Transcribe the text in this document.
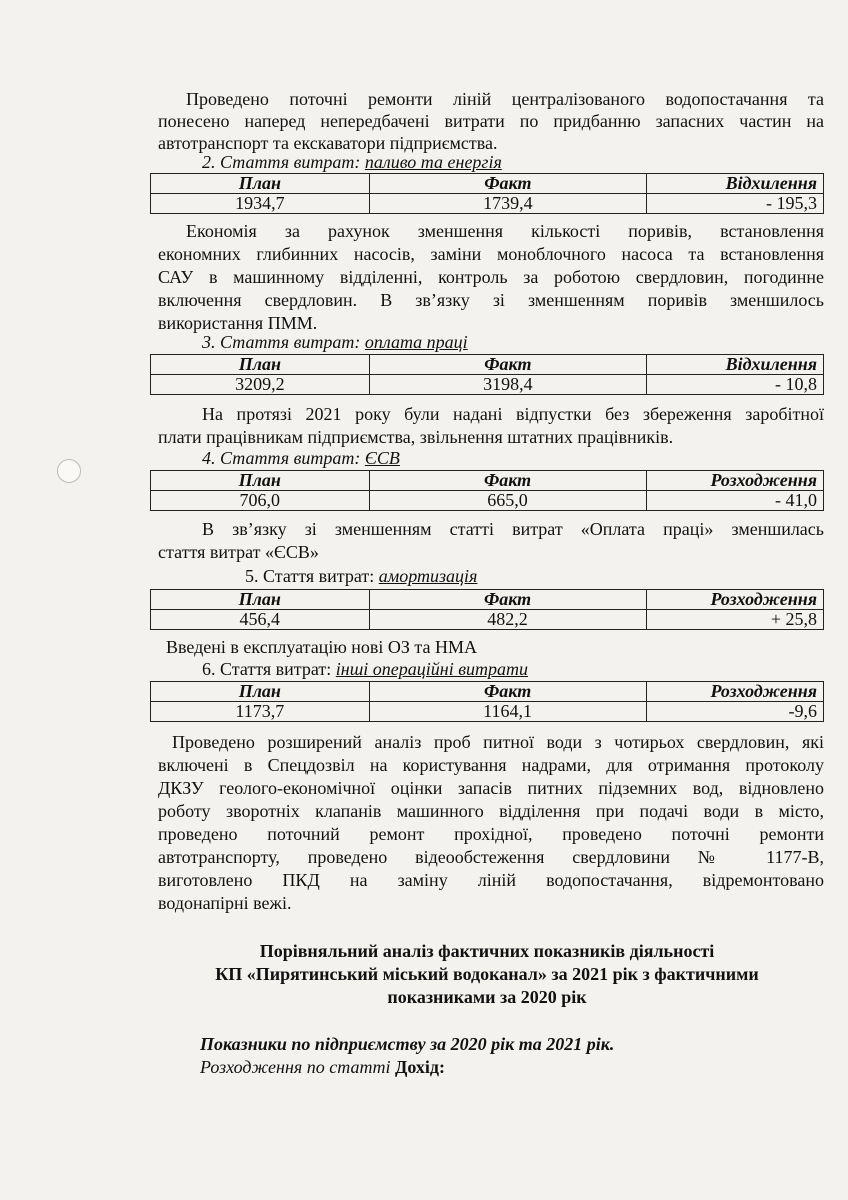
Проведено поточні ремонти ліній централізованого водопостачання та

понесено наперед непередбачені витрати по придбанню запасних частин на

автотранспорт та екскаватори підприємства.

2. Стаття витрат: паливо та енергія

План	Факт	Відхилення
1934,7	1739,4	- 195,3

Економія за рахунок зменшення кількості поривів, встановлення

економних глибинних насосів, заміни моноблочного насоса та встановлення

САУ в машинному відділенні, контроль за роботою свердловин, погодинне

включення свердловин. В зв’язку зі зменшенням поривів зменшилось

використання ПММ.

3. Стаття витрат: оплата праці

План	Факт	Відхилення
3209,2	3198,4	- 10,8

На протязі 2021 року були надані відпустки без збереження заробітної

плати працівникам підприємства, звільнення штатних працівників.

4. Стаття витрат: ЄСВ

План	Факт	Розходження
706,0	665,0	- 41,0

В зв’язку зі зменшенням статті витрат «Оплата праці» зменшилась

стаття витрат «ЄСВ»

5. Стаття витрат: амортизація

План	Факт	Розходження
456,4	482,2	+ 25,8

Введені в експлуатацію нові ОЗ та НМА

6. Стаття витрат: інші операційні витрати

План	Факт	Розходження
1173,7	1164,1	-9,6

Проведено розширений аналіз проб питної води з чотирьох свердловин, які

включені в Спецдозвіл на користування надрами, для отримання протоколу

ДКЗУ геолого-економічної оцінки запасів питних підземних вод, відновлено

роботу зворотніх клапанів машинного відділення при подачі води в місто,

проведено поточний ремонт прохідної, проведено поточні ремонти

автотранспорту, проведено відеообстеження свердловини № 1177-В,

виготовлено ПКД на заміну ліній водопостачання, відремонтовано

водонапірні вежі.

Порівняльний аналіз фактичних показників діяльності

КП «Пирятинський міський водоканал» за 2021 рік з фактичними

показниками за 2020 рік

Показники по підприємству за 2020 рік та 2021 рік.

Розходження по статті Дохід:
